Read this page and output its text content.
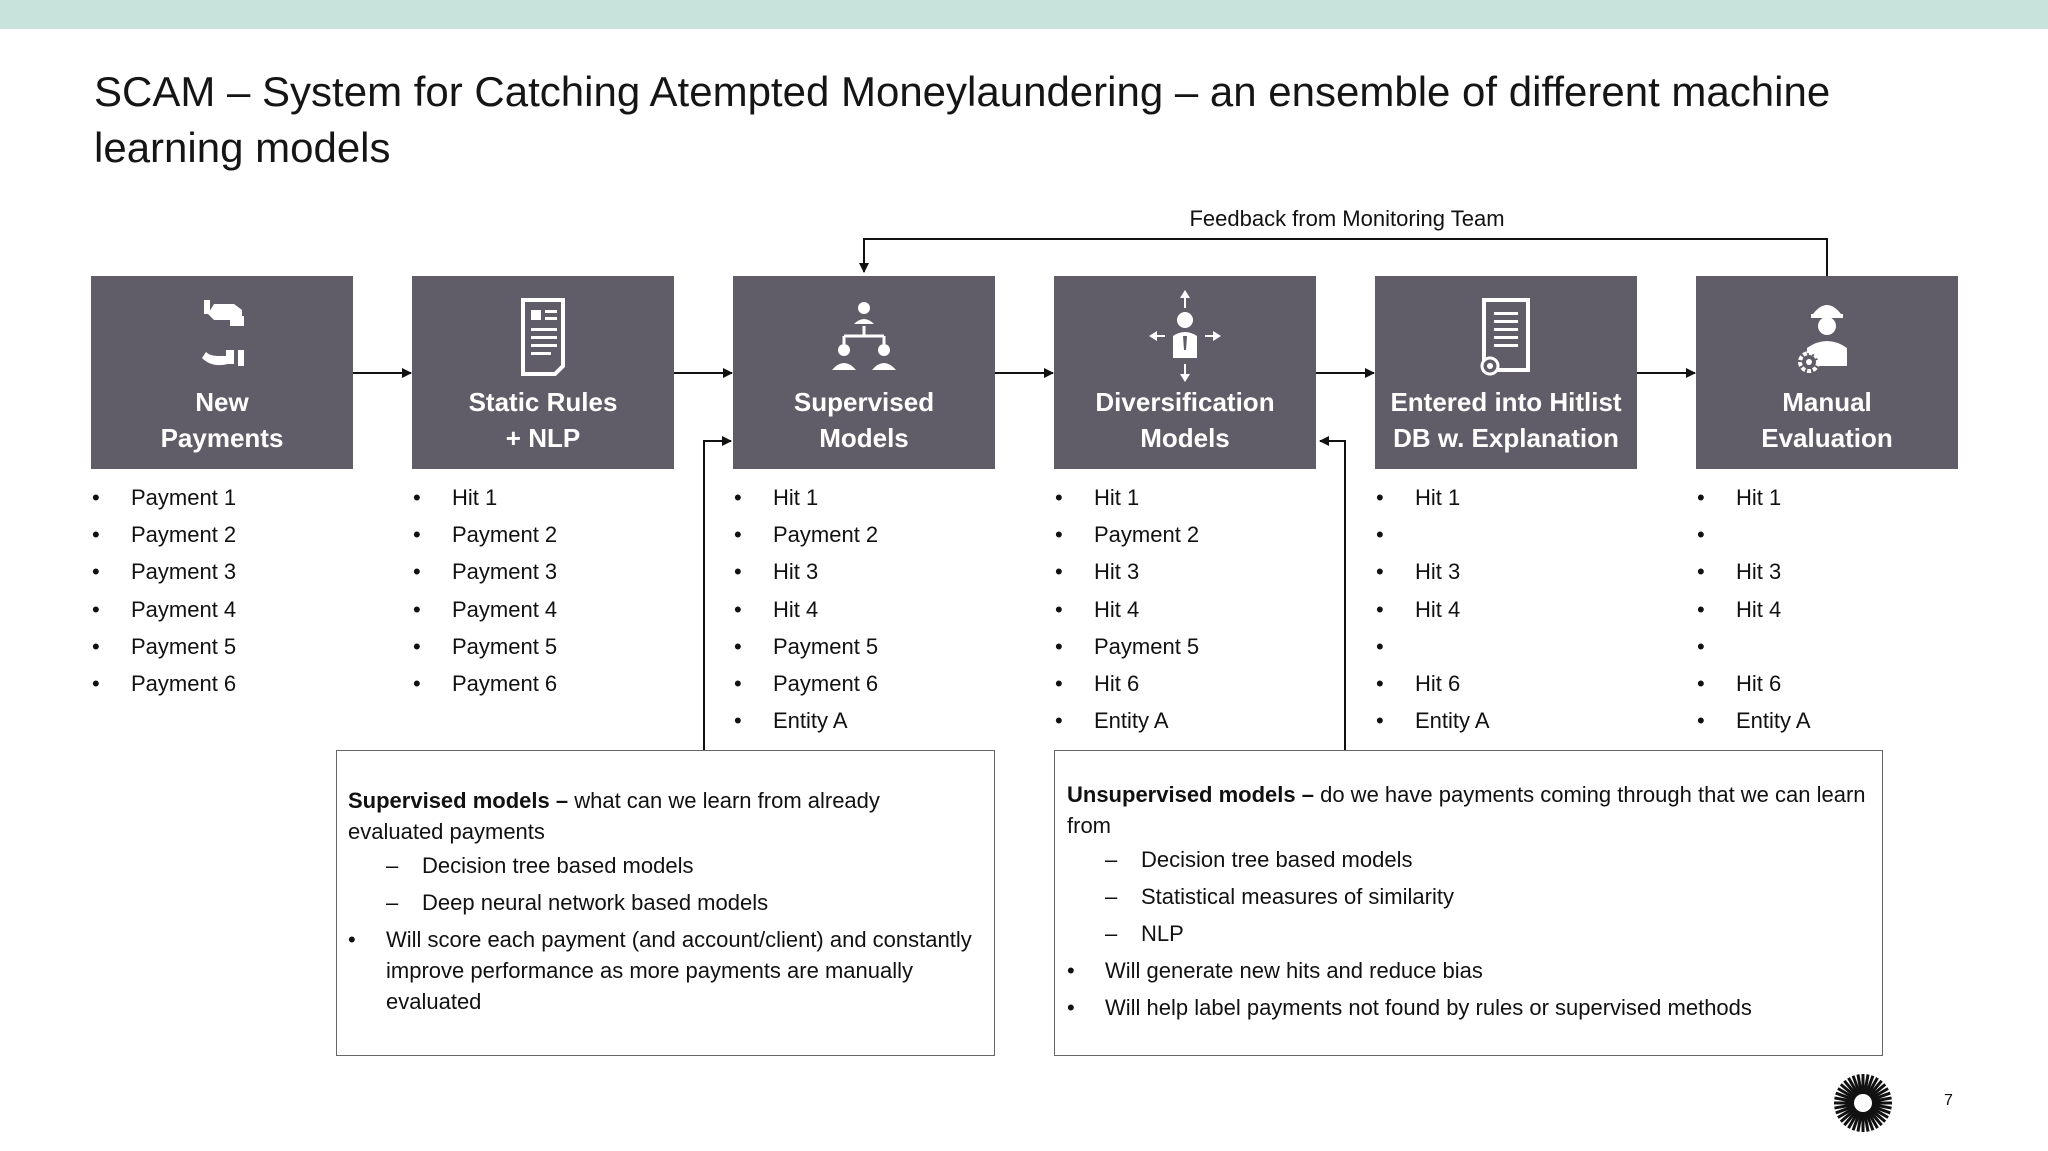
SCAM – System for Catching Atempted Moneylaundering – an ensemble of different machine learning models
Feedback from Monitoring Team
New
Payments
Static Rules
+ NLP
Supervised
Models
Diversification
Models
Entered into Hitlist
DB w. Explanation
Manual
Evaluation
• Payment 1
• Payment 2
• Payment 3
• Payment 4
• Payment 5
• Payment 6
• Hit 1
• Payment 2
• Payment 3
• Payment 4
• Payment 5
• Payment 6
• Hit 1
• Payment 2
• Hit 3
• Hit 4
• Payment 5
• Payment 6
• Entity A
• Hit 1
• Payment 2
• Hit 3
• Hit 4
• Payment 5
• Hit 6
• Entity A
• Hit 1
•
• Hit 3
• Hit 4
•
• Hit 6
• Entity A
• Hit 1
•
• Hit 3
• Hit 4
•
• Hit 6
• Entity A

Supervised models – what can we learn from already evaluated payments

– Decision tree based models
– Deep neural network based models
• Will score each payment (and account/client) and constantly improve performance as more payments are manually evaluated

Unsupervised models – do we have payments coming through that we can learn from

– Decision tree based models
– Statistical measures of similarity
– NLP
• Will generate new hits and reduce bias
• Will help label payments not found by rules or supervised methods
7
